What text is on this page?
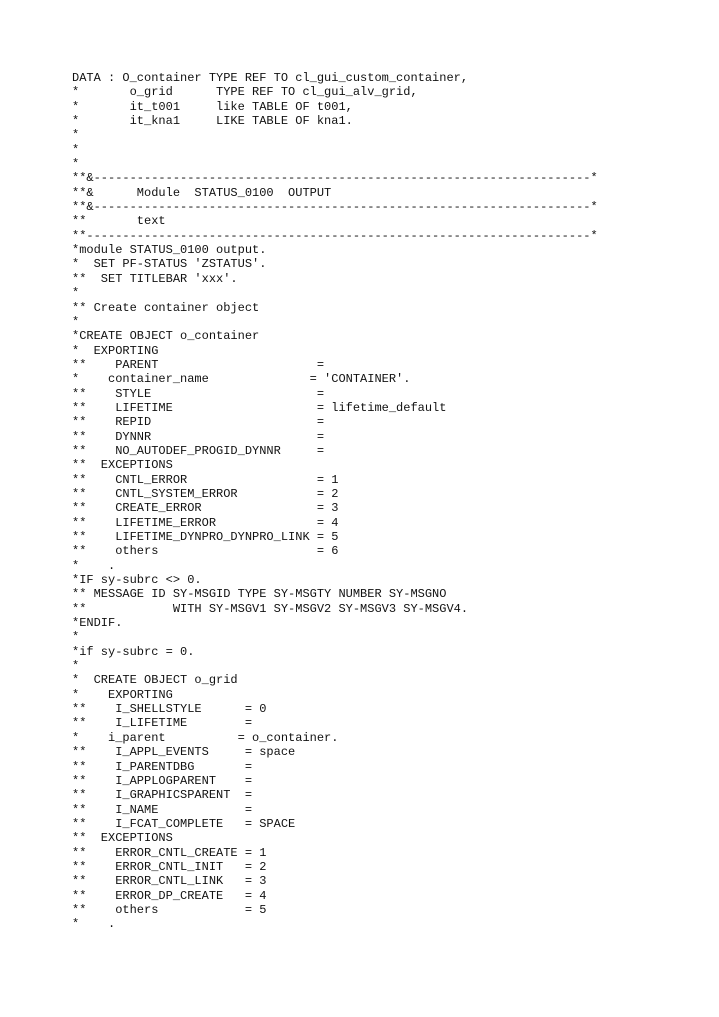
DATA : O_container TYPE REF TO cl_gui_custom_container,
*       o_grid      TYPE REF TO cl_gui_alv_grid,
*       it_t001     like TABLE OF t001,
*       it_kna1     LIKE TABLE OF kna1.
*
*
*
**&---------------------------------------------------------------------*
**&      Module  STATUS_0100  OUTPUT
**&---------------------------------------------------------------------*
**       text
**----------------------------------------------------------------------*
*module STATUS_0100 output.
*  SET PF-STATUS 'ZSTATUS'.
**  SET TITLEBAR 'xxx'.
*
** Create container object
*
*CREATE OBJECT o_container
*  EXPORTING
**    PARENT                      =
*    container_name              = 'CONTAINER'.
**    STYLE                       =
**    LIFETIME                    = lifetime_default
**    REPID                       =
**    DYNNR                       =
**    NO_AUTODEF_PROGID_DYNNR     =
**  EXCEPTIONS
**    CNTL_ERROR                  = 1
**    CNTL_SYSTEM_ERROR           = 2
**    CREATE_ERROR                = 3
**    LIFETIME_ERROR              = 4
**    LIFETIME_DYNPRO_DYNPRO_LINK = 5
**    others                      = 6
*    .
*IF sy-subrc <> 0.
** MESSAGE ID SY-MSGID TYPE SY-MSGTY NUMBER SY-MSGNO
**            WITH SY-MSGV1 SY-MSGV2 SY-MSGV3 SY-MSGV4.
*ENDIF.
*
*if sy-subrc = 0.
*
*  CREATE OBJECT o_grid
*    EXPORTING
**    I_SHELLSTYLE      = 0
**    I_LIFETIME        =
*    i_parent          = o_container.
**    I_APPL_EVENTS     = space
**    I_PARENTDBG       =
**    I_APPLOGPARENT    =
**    I_GRAPHICSPARENT  =
**    I_NAME            =
**    I_FCAT_COMPLETE   = SPACE
**  EXCEPTIONS
**    ERROR_CNTL_CREATE = 1
**    ERROR_CNTL_INIT   = 2
**    ERROR_CNTL_LINK   = 3
**    ERROR_DP_CREATE   = 4
**    others            = 5
*    .
